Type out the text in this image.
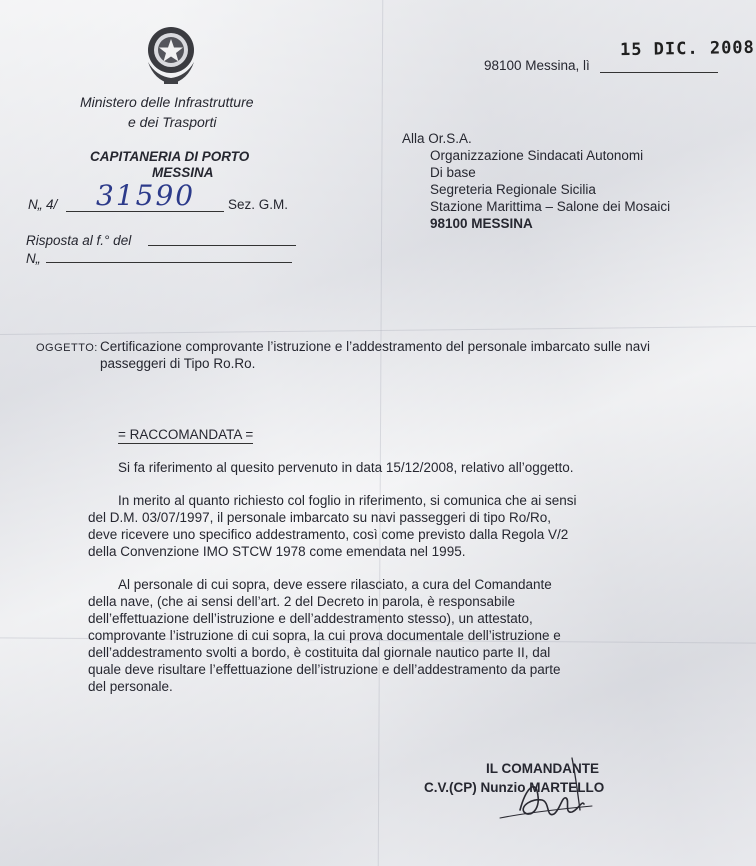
Ministero delle Infrastrutture
e dei Trasporti
CAPITANERIA DI PORTO
MESSINA
N„ 4/ 31590 Sez. G.M.
Risposta al f.° del
N„
98100 Messina, lì
15 DIC. 2008
Alla Or.S.A.
Organizzazione Sindacati Autonomi
Di base
Segreteria Regionale Sicilia
Stazione Marittima – Salone dei Mosaici
98100 MESSINA
OGGETTO: Certificazione comprovante l’istruzione e l’addestramento del personale imbarcato sulle navi
passeggeri di Tipo Ro.Ro.
= RACCOMANDATA =
Si fa riferimento al quesito pervenuto in data 15/12/2008, relativo all’oggetto.
In merito al quanto richiesto col foglio in riferimento, si comunica che ai sensi
del D.M. 03/07/1997, il personale imbarcato su navi passeggeri di tipo Ro/Ro,
deve ricevere uno specifico addestramento, così come previsto dalla Regola V/2
della Convenzione IMO STCW 1978 come emendata nel 1995.
Al personale di cui sopra, deve essere rilasciato, a cura del Comandante
della nave, (che ai sensi dell’art. 2 del Decreto in parola, è responsabile
dell’effettuazione dell’istruzione e dell’addestramento stesso), un attestato,
comprovante l’istruzione di cui sopra, la cui prova documentale dell’istruzione e
dell’addestramento svolti a bordo, è costituita dal giornale nautico parte II, dal
quale deve risultare l’effettuazione dell’istruzione e dell’addestramento da parte
del personale.
IL COMANDANTE
C.V.(CP) Nunzio MARTELLO
